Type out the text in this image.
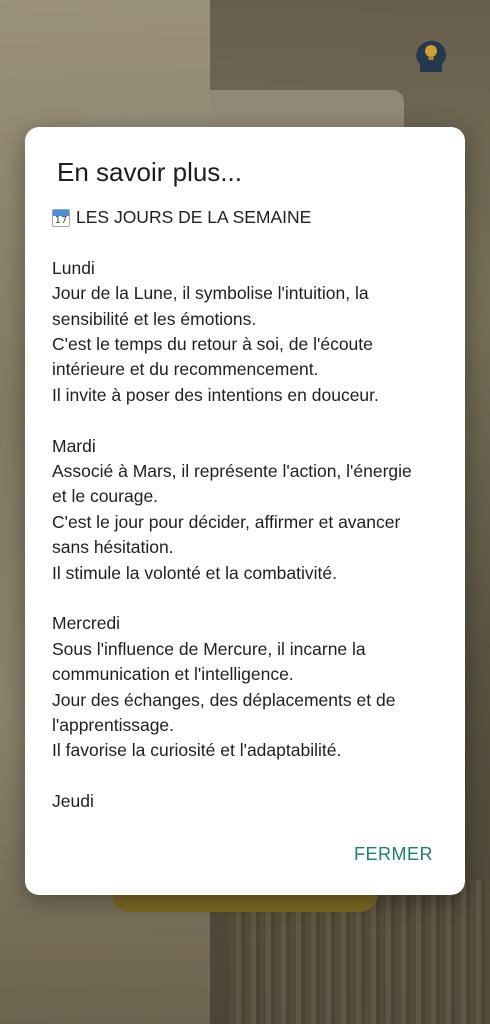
En savoir plus...
17 LES JOURS DE LA SEMAINE
Lundi
Jour de la Lune, il symbolise l'intuition, la
sensibilité et les émotions.
C'est le temps du retour à soi, de l'écoute
intérieure et du recommencement.
Il invite à poser des intentions en douceur.
Mardi
Associé à Mars, il représente l'action, l'énergie
et le courage.
C'est le jour pour décider, affirmer et avancer
sans hésitation.
Il stimule la volonté et la combativité.
Mercredi
Sous l'influence de Mercure, il incarne la
communication et l'intelligence.
Jour des échanges, des déplacements et de
l'apprentissage.
Il favorise la curiosité et l'adaptabilité.
Jeudi
FERMER
